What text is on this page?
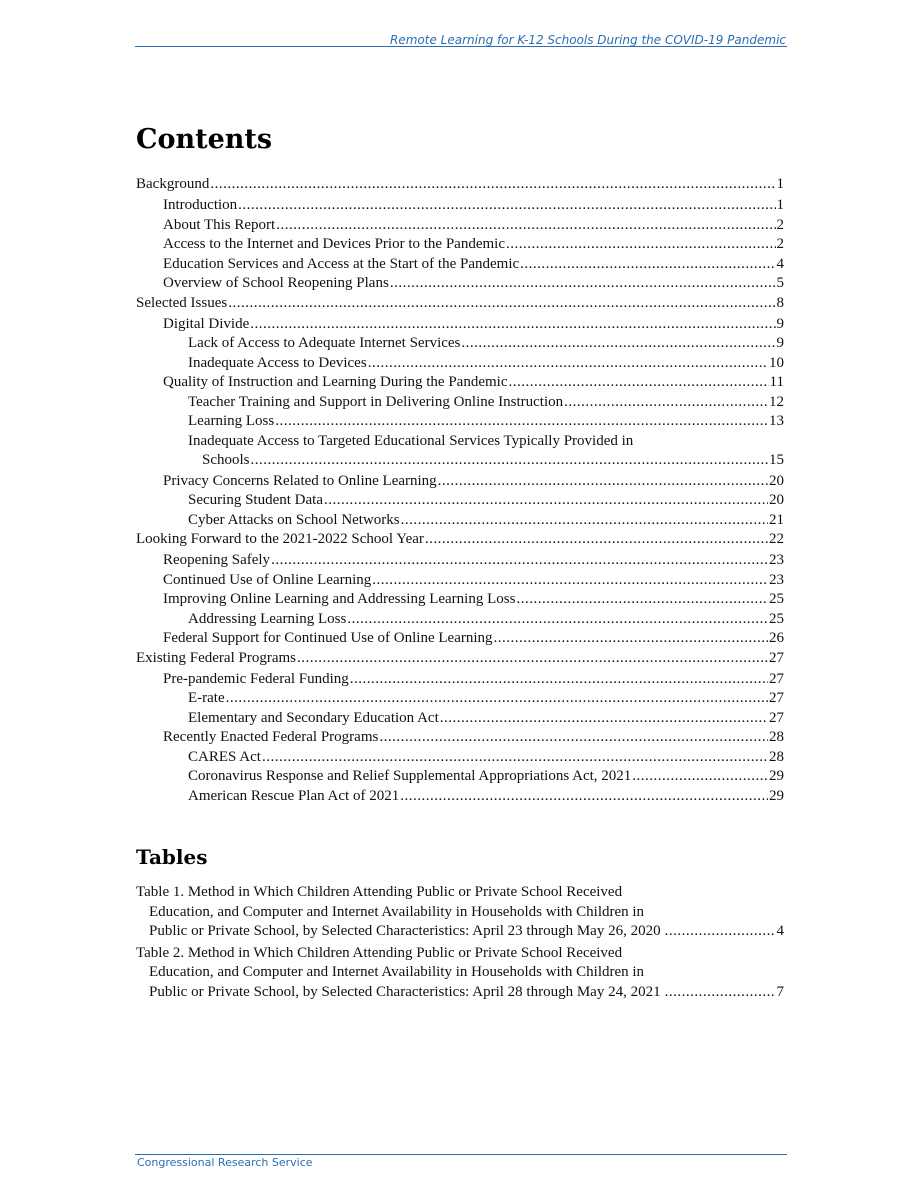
Remote Learning for K-12 Schools During the COVID-19 Pandemic
Contents
Background .....	1
Introduction .....	1
About This Report .....	2
Access to the Internet and Devices Prior to the Pandemic .....	2
Education Services and Access at the Start of the Pandemic .....	4
Overview of School Reopening Plans .....	5
Selected Issues .....	8
Digital Divide .....	9
Lack of Access to Adequate Internet Services .....	9
Inadequate Access to Devices .....	10
Quality of Instruction and Learning During the Pandemic .....	11
Teacher Training and Support in Delivering Online Instruction .....	12
Learning Loss .....	13
Inadequate Access to Targeted Educational Services Typically Provided in
Schools .....	15
Privacy Concerns Related to Online Learning .....	20
Securing Student Data .....	20
Cyber Attacks on School Networks .....	21
Looking Forward to the 2021-2022 School Year .....	22
Reopening Safely .....	23
Continued Use of Online Learning .....	23
Improving Online Learning and Addressing Learning Loss .....	25
Addressing Learning Loss .....	25
Federal Support for Continued Use of Online Learning .....	26
Existing Federal Programs .....	27
Pre-pandemic Federal Funding .....	27
E-rate .....	27
Elementary and Secondary Education Act .....	27
Recently Enacted Federal Programs .....	28
CARES Act .....	28
Coronavirus Response and Relief Supplemental Appropriations Act, 2021 .....	29
American Rescue Plan Act of 2021 .....	29
Tables
Table 1. Method in Which Children Attending Public or Private School Received
Education, and Computer and Internet Availability in Households with Children in
Public or Private School, by Selected Characteristics: April 23 through May 26, 2020 .....	4
Table 2. Method in Which Children Attending Public or Private School Received
Education, and Computer and Internet Availability in Households with Children in
Public or Private School, by Selected Characteristics: April 28 through May 24, 2021 .....	7
Congressional Research Service
